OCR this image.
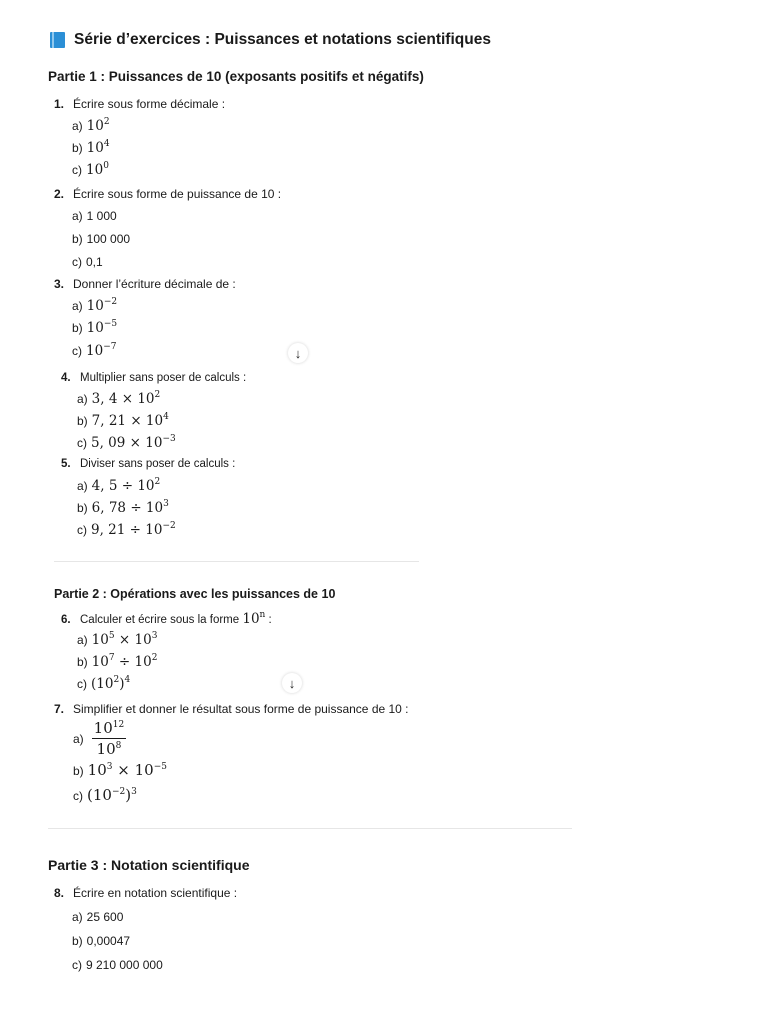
Série d’exercices : Puissances et notations scientifiques
Partie 1 : Puissances de 10 (exposants positifs et négatifs)
1. Écrire sous forme décimale :
a) $10^2$
b) $10^4$
c) $10^0$
2. Écrire sous forme de puissance de 10 :
a) 1 000
b) 100 000
c) 0,1
3. Donner l’écriture décimale de :
a) $10^{-2}$
b) $10^{-5}$
c) $10^{-7}$	↓
4. Multiplier sans poser de calculs :
a) 3, $4 \times 10^2$
b) 7, $21 \times 10^4$
c) 5, $09 \times 10^{-3}$
5. Diviser sans poser de calculs :
a) 4, $5 \div 10^2$
b) 6, $78 \div 10^3$
c) 9, $21 \div 10^{-2}$
Partie 2 : Opérations avec les puissances de 10
6. Calculer et écrire sous la forme 10$^n$ :
a) $10^5 \times 10^3$
b) $10^7 \div 10^2$
c) $(10^2)^4$	↓
7. Simplifier et donner le résultat sous forme de puissance de 10 :
$a) \frac{10^{12}}{10^8}$
b) $10^3 \times 10^{-5}$
c) $(10^{-2})^3$
Partie 3 : Notation scientifique
8. Écrire en notation scientifique :
a) 25 600
b) 0,00047
c) 9 210 000 000
